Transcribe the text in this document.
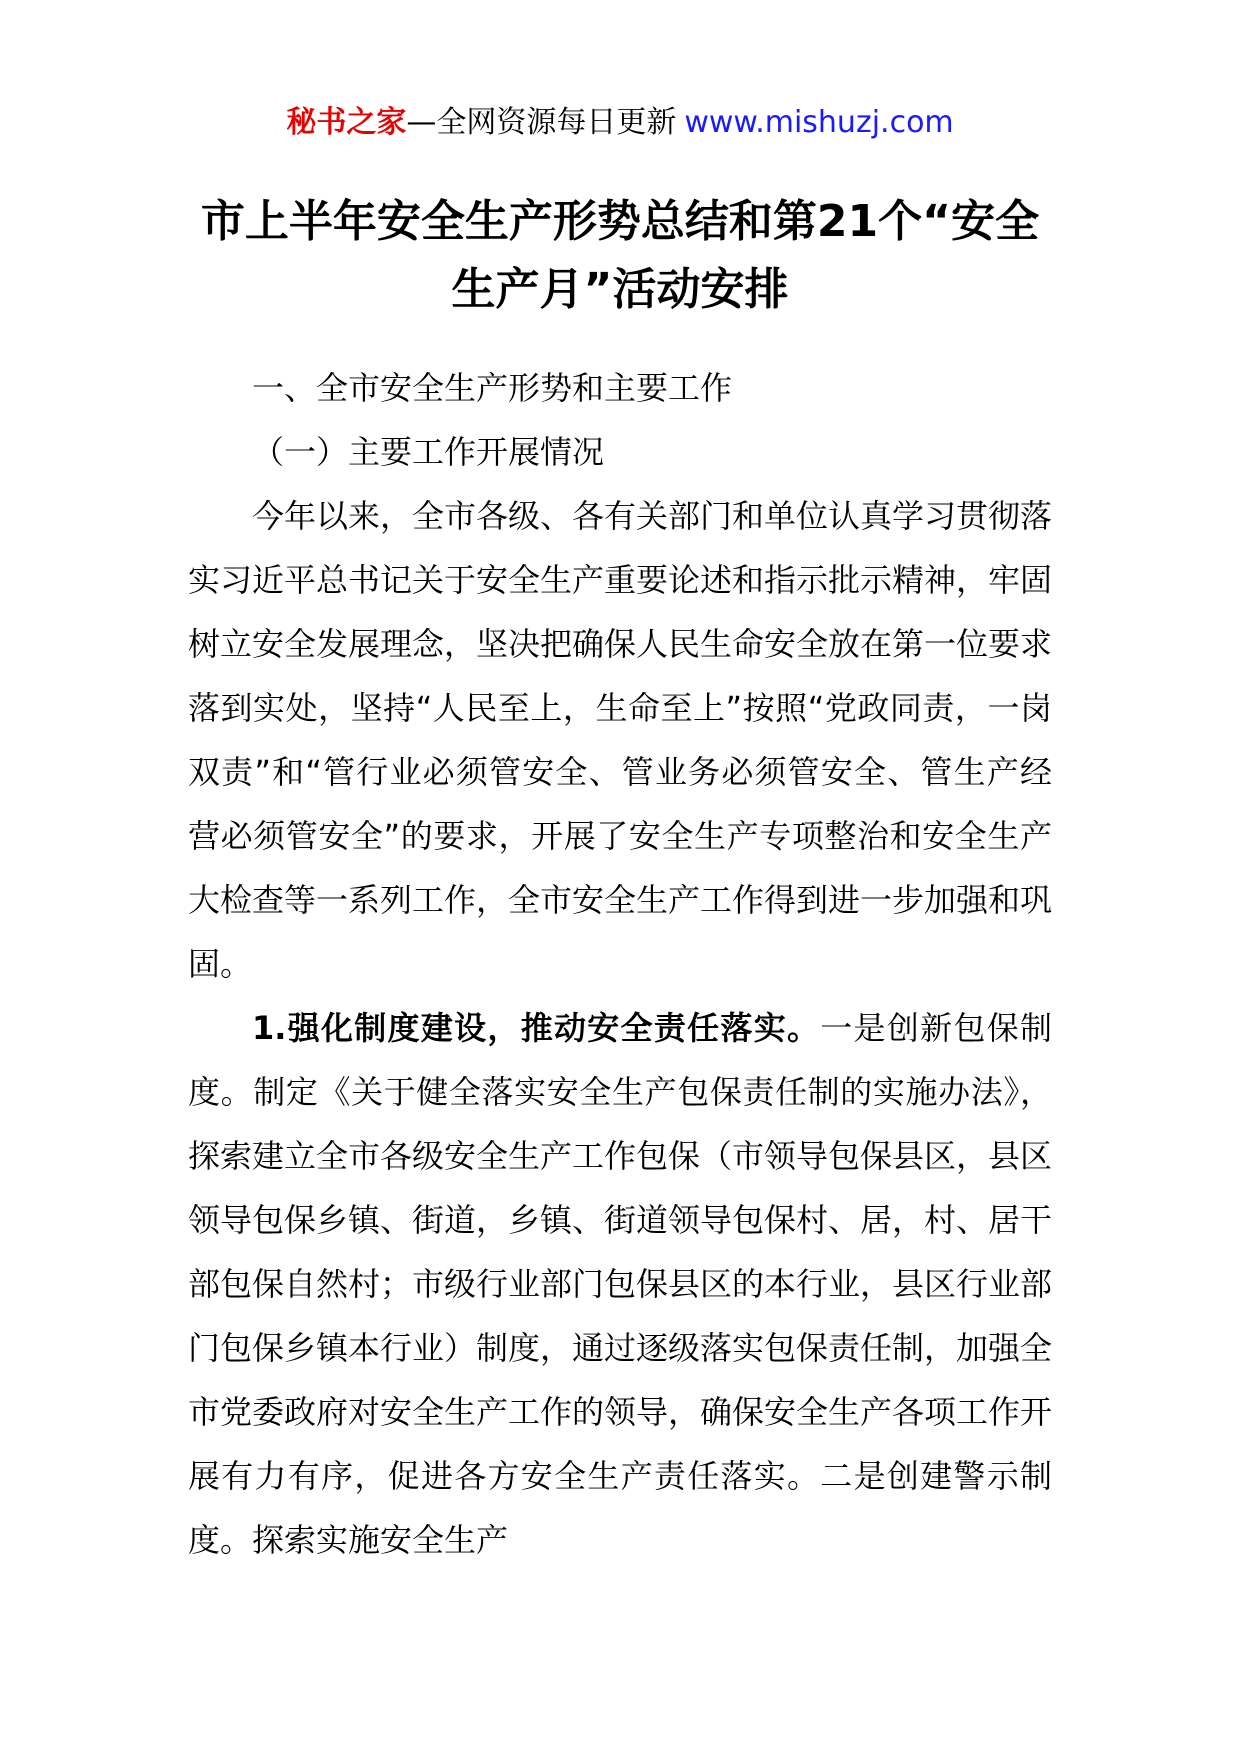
秘书之家—全网资源每日更新 www.mishuzj.com
市上半年安全生产形势总结和第21个“安全生产月”活动安排

一、全市安全生产形势和主要工作

（一）主要工作开展情况

今年以来，全市各级、各有关部门和单位认真学习贯彻落实习近平总书记关于安全生产重要论述和指示批示精神，牢固树立安全发展理念，坚决把确保人民生命安全放在第一位要求落到实处，坚持“人民至上，生命至上”按照“党政同责，一岗双责”和“管行业必须管安全、管业务必须管安全、管生产经营必须管安全”的要求，开展了安全生产专项整治和安全生产大检查等一系列工作，全市安全生产工作得到进一步加强和巩固。

1.强化制度建设，推动安全责任落实。一是创新包保制度。制定《关于健全落实安全生产包保责任制的实施办法》，探索建立全市各级安全生产工作包保（市领导包保县区，县区领导包保乡镇、街道，乡镇、街道领导包保村、居，村、居干部包保自然村；市级行业部门包保县区的本行业，县区行业部门包保乡镇本行业）制度，通过逐级落实包保责任制，加强全市党委政府对安全生产工作的领导，确保安全生产各项工作开展有力有序，促进各方安全生产责任落实。二是创建警示制度。探索实施安全生产
